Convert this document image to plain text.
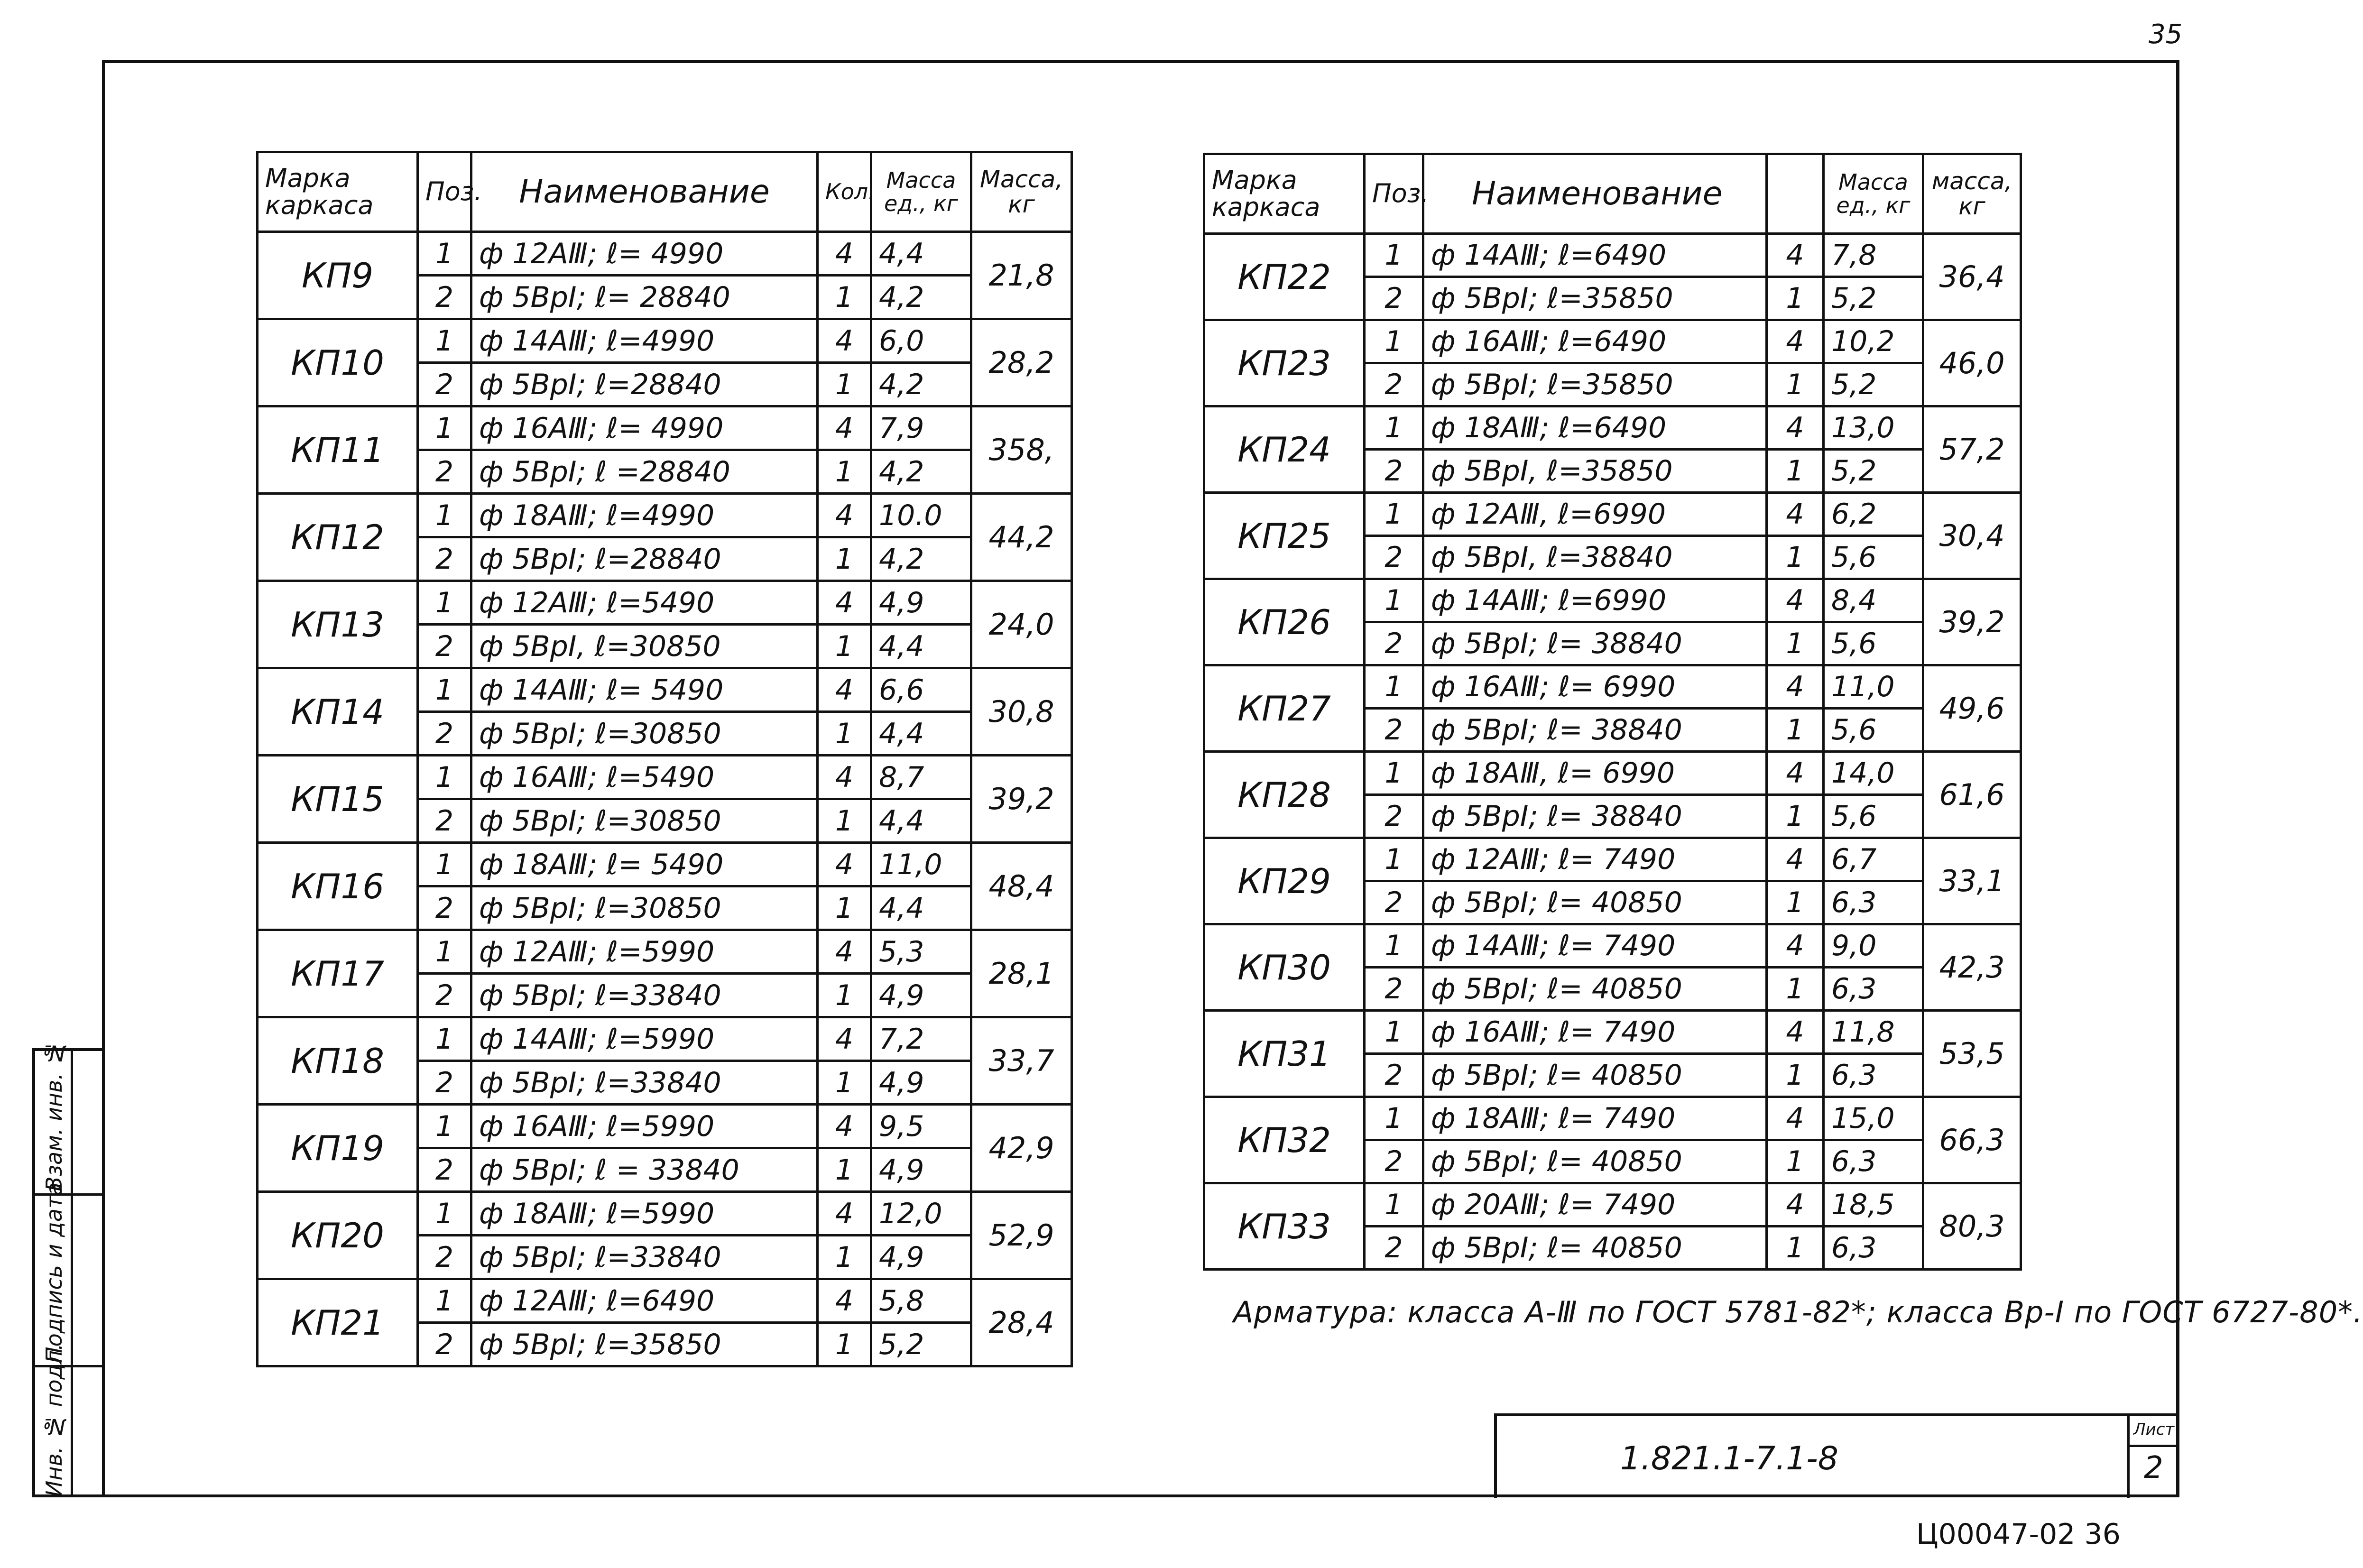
35
Марка каркаса	Поз.	Наименование	Кол.	Масса ед., кг	Масса, кг
КП9	1	ф 12АⅢ; ℓ= 4990	4	4,4	21,8
	2	ф 5ВрI; ℓ= 28840	1	4,2	
КП10	1	ф 14АⅢ; ℓ=4990	4	6,0	28,2
	2	ф 5ВрI; ℓ=28840	1	4,2	
КП11	1	ф 16АⅢ; ℓ= 4990	4	7,9	358,
	2	ф 5ВрI; ℓ =28840	1	4,2	
КП12	1	ф 18АⅢ; ℓ=4990	4	10.0	44,2
	2	ф 5ВрI; ℓ=28840	1	4,2	
КП13	1	ф 12АⅢ; ℓ=5490	4	4,9	24,0
	2	ф 5ВрI, ℓ=30850	1	4,4	
КП14	1	ф 14АⅢ; ℓ= 5490	4	6,6	30,8
	2	ф 5ВрI; ℓ=30850	1	4,4	
КП15	1	ф 16АⅢ; ℓ=5490	4	8,7	39,2
	2	ф 5ВрI; ℓ=30850	1	4,4	
КП16	1	ф 18АⅢ; ℓ= 5490	4	11,0	48,4
	2	ф 5ВрI; ℓ=30850	1	4,4	
КП17	1	ф 12АⅢ; ℓ=5990	4	5,3	28,1
	2	ф 5ВрI; ℓ=33840	1	4,9	
КП18	1	ф 14АⅢ; ℓ=5990	4	7,2	33,7
	2	ф 5ВрI; ℓ=33840	1	4,9	
КП19	1	ф 16АⅢ; ℓ=5990	4	9,5	42,9
	2	ф 5ВрI; ℓ = 33840	1	4,9	
КП20	1	ф 18АⅢ; ℓ=5990	4	12,0	52,9
	2	ф 5ВрI; ℓ=33840	1	4,9	
КП21	1	ф 12АⅢ; ℓ=6490	4	5,8	28,4
	2	ф 5ВрI; ℓ=35850	1	5,2	
Марка каркаса	Поз.	Наименование		Масса ед., кг	масса, кг
КП22	1	ф 14АⅢ; ℓ=6490	4	7,8	36,4
	2	ф 5ВрI; ℓ=35850	1	5,2	
КП23	1	ф 16АⅢ; ℓ=6490	4	10,2	46,0
	2	ф 5ВрI; ℓ=35850	1	5,2	
КП24	1	ф 18АⅢ; ℓ=6490	4	13,0	57,2
	2	ф 5ВрI, ℓ=35850	1	5,2	
КП25	1	ф 12АⅢ, ℓ=6990	4	6,2	30,4
	2	ф 5ВрI, ℓ=38840	1	5,6	
КП26	1	ф 14АⅢ; ℓ=6990	4	8,4	39,2
	2	ф 5ВрI; ℓ= 38840	1	5,6	
КП27	1	ф 16АⅢ; ℓ= 6990	4	11,0	49,6
	2	ф 5ВрI; ℓ= 38840	1	5,6	
КП28	1	ф 18АⅢ, ℓ= 6990	4	14,0	61,6
	2	ф 5ВрI; ℓ= 38840	1	5,6	
КП29	1	ф 12АⅢ; ℓ= 7490	4	6,7	33,1
	2	ф 5ВрI; ℓ= 40850	1	6,3	
КП30	1	ф 14АⅢ; ℓ= 7490	4	9,0	42,3
	2	ф 5ВрI; ℓ= 40850	1	6,3	
КП31	1	ф 16АⅢ; ℓ= 7490	4	11,8	53,5
	2	ф 5ВрI; ℓ= 40850	1	6,3	
КП32	1	ф 18АⅢ; ℓ= 7490	4	15,0	66,3
	2	ф 5ВрI; ℓ= 40850	1	6,3	
КП33	1	ф 20АⅢ; ℓ= 7490	4	18,5	80,3
	2	ф 5ВрI; ℓ= 40850	1	6,3	
Арматура: класса А-Ⅲ по ГОСТ 5781-82*; класса Вр-I по ГОСТ 6727-80*.
1.821.1-7.1-8
Лист
2
Инв. № подл.
Подпись и дата
Взам. инв. №
Ц00047-02 36
